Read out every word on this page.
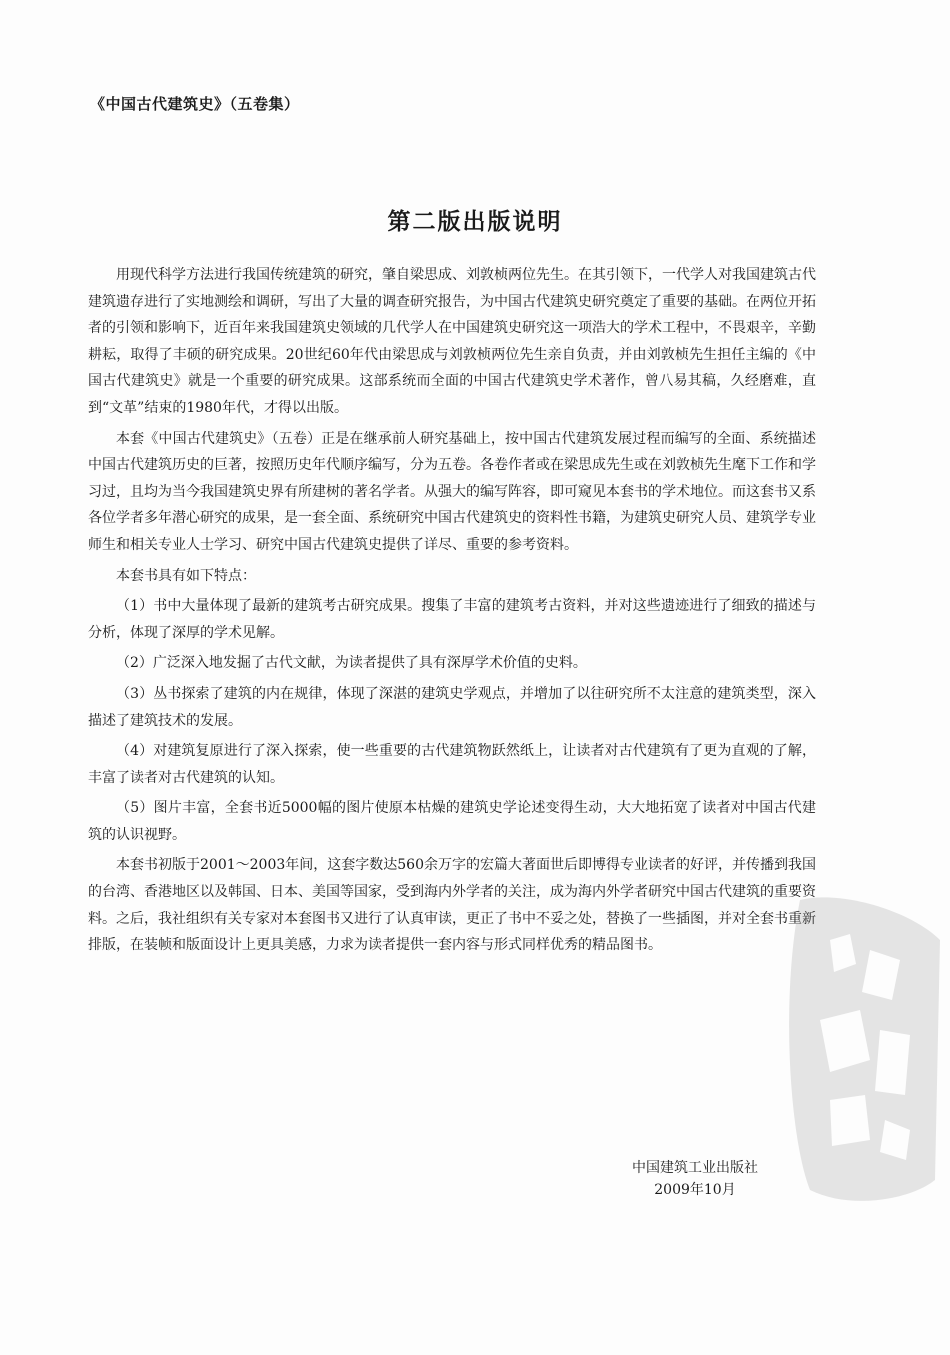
《中国古代建筑史》（五卷集）
第二版出版说明

用现代科学方法进行我国传统建筑的研究，肇自梁思成、刘敦桢两位先生。在其引领下，一代学人对我国建筑古代建筑遗存进行了实地测绘和调研，写出了大量的调查研究报告，为中国古代建筑史研究奠定了重要的基础。在两位开拓者的引领和影响下，近百年来我国建筑史领域的几代学人在中国建筑史研究这一项浩大的学术工程中，不畏艰辛，辛勤耕耘，取得了丰硕的研究成果。20世纪60年代由梁思成与刘敦桢两位先生亲自负责，并由刘敦桢先生担任主编的《中国古代建筑史》就是一个重要的研究成果。这部系统而全面的中国古代建筑史学术著作，曾八易其稿，久经磨难，直到“文革”结束的1980年代，才得以出版。

本套《中国古代建筑史》（五卷）正是在继承前人研究基础上，按中国古代建筑发展过程而编写的全面、系统描述中国古代建筑历史的巨著，按照历史年代顺序编写，分为五卷。各卷作者或在梁思成先生或在刘敦桢先生麾下工作和学习过，且均为当今我国建筑史界有所建树的著名学者。从强大的编写阵容，即可窥见本套书的学术地位。而这套书又系各位学者多年潜心研究的成果，是一套全面、系统研究中国古代建筑史的资料性书籍，为建筑史研究人员、建筑学专业师生和相关专业人士学习、研究中国古代建筑史提供了详尽、重要的参考资料。

本套书具有如下特点：

（1）书中大量体现了最新的建筑考古研究成果。搜集了丰富的建筑考古资料，并对这些遗迹进行了细致的描述与分析，体现了深厚的学术见解。

（2）广泛深入地发掘了古代文献，为读者提供了具有深厚学术价值的史料。

（3）丛书探索了建筑的内在规律，体现了深湛的建筑史学观点，并增加了以往研究所不太注意的建筑类型，深入描述了建筑技术的发展。

（4）对建筑复原进行了深入探索，使一些重要的古代建筑物跃然纸上，让读者对古代建筑有了更为直观的了解，丰富了读者对古代建筑的认知。

（5）图片丰富，全套书近5000幅的图片使原本枯燥的建筑史学论述变得生动，大大地拓宽了读者对中国古代建筑的认识视野。

本套书初版于2001～2003年间，这套字数达560余万字的宏篇大著面世后即博得专业读者的好评，并传播到我国的台湾、香港地区以及韩国、日本、美国等国家，受到海内外学者的关注，成为海内外学者研究中国古代建筑的重要资料。之后，我社组织有关专家对本套图书又进行了认真审读，更正了书中不妥之处，替换了一些插图，并对全套书重新排版，在装帧和版面设计上更具美感，力求为读者提供一套内容与形式同样优秀的精品图书。

中国建筑工业出版社
2009年10月
